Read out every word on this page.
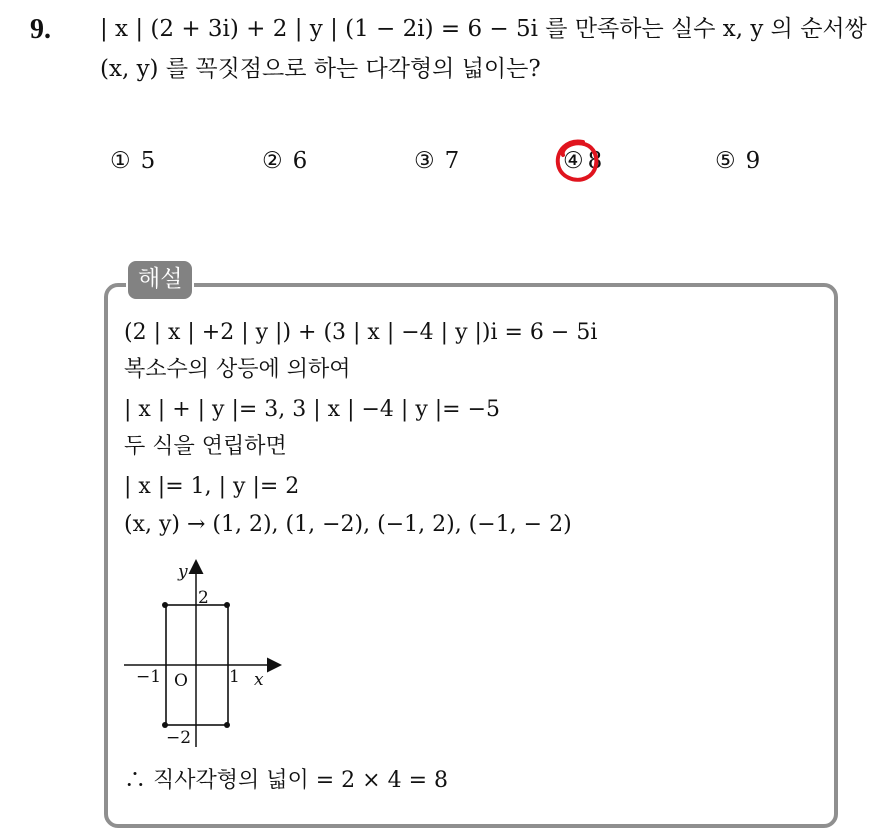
9. | x | (2 + 3i) + 2 | y | (1 − 2i) = 6 − 5i 를 만족하는 실수 x, y 의 순서쌍
(x, y) 를 꼭짓점으로 하는 다각형의 넓이는?
① 5	② 6	③ 7	④ 8	⑤ 9
해설
(2 | x | +2 | y |) + (3 | x | −4 | y |)i = 6 − 5i
복소수의 상등에 의하여
| x | + | y |= 3, 3 | x | −4 | y |= −5
두 식을 연립하면
| x |= 1, | y |= 2
(x, y) → (1, 2), (1, −2), (−1, 2), (−1, − 2)
y
x
O
−1	1
2
−2
∴ 직사각형의 넓이 = 2 × 4 = 8
